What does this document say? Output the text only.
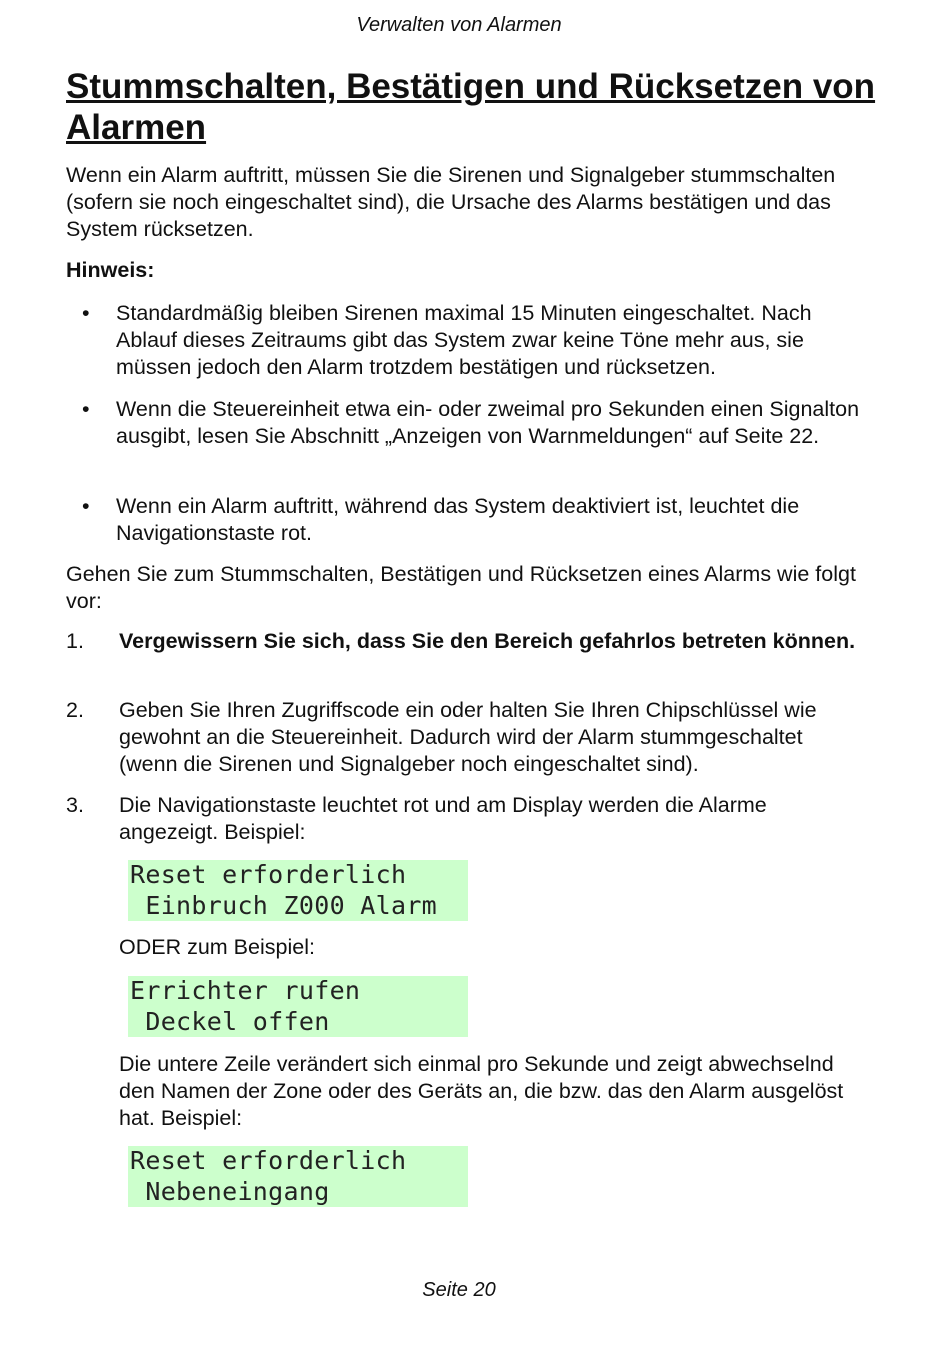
Verwalten von Alarmen
Stummschalten, Bestätigen und Rücksetzen von Alarmen

Wenn ein Alarm auftritt, müssen Sie die Sirenen und Signalgeber stummschalten (sofern sie noch eingeschaltet sind), die Ursache des Alarms bestätigen und das System rücksetzen.

Hinweis:

• Standardmäßig bleiben Sirenen maximal 15 Minuten eingeschaltet. Nach Ablauf dieses Zeitraums gibt das System zwar keine Töne mehr aus, sie müssen jedoch den Alarm trotzdem bestätigen und rücksetzen.
• Wenn die Steuereinheit etwa ein- oder zweimal pro Sekunden einen Signalton ausgibt, lesen Sie Abschnitt „Anzeigen von Warnmeldungen“ auf Seite 22.
• Wenn ein Alarm auftritt, während das System deaktiviert ist, leuchtet die Navigationstaste rot.

Gehen Sie zum Stummschalten, Bestätigen und Rücksetzen eines Alarms wie folgt vor:

1. Vergewissern Sie sich, dass Sie den Bereich gefahrlos betreten können.
2. Geben Sie Ihren Zugriffscode ein oder halten Sie Ihren Chipschlüssel wie gewohnt an die Steuereinheit. Dadurch wird der Alarm stummgeschaltet (wenn die Sirenen und Signalgeber noch eingeschaltet sind).
3. Die Navigationstaste leuchtet rot und am Display werden die Alarme angezeigt. Beispiel:
Reset erforderlich
Einbruch Z000 Alarm

ODER zum Beispiel:

Errichter rufen
Deckel offen

Die untere Zeile verändert sich einmal pro Sekunde und zeigt abwechselnd den Namen der Zone oder des Geräts an, die bzw. das den Alarm ausgelöst hat. Beispiel:

Reset erforderlich
Nebeneingang
Seite 20
